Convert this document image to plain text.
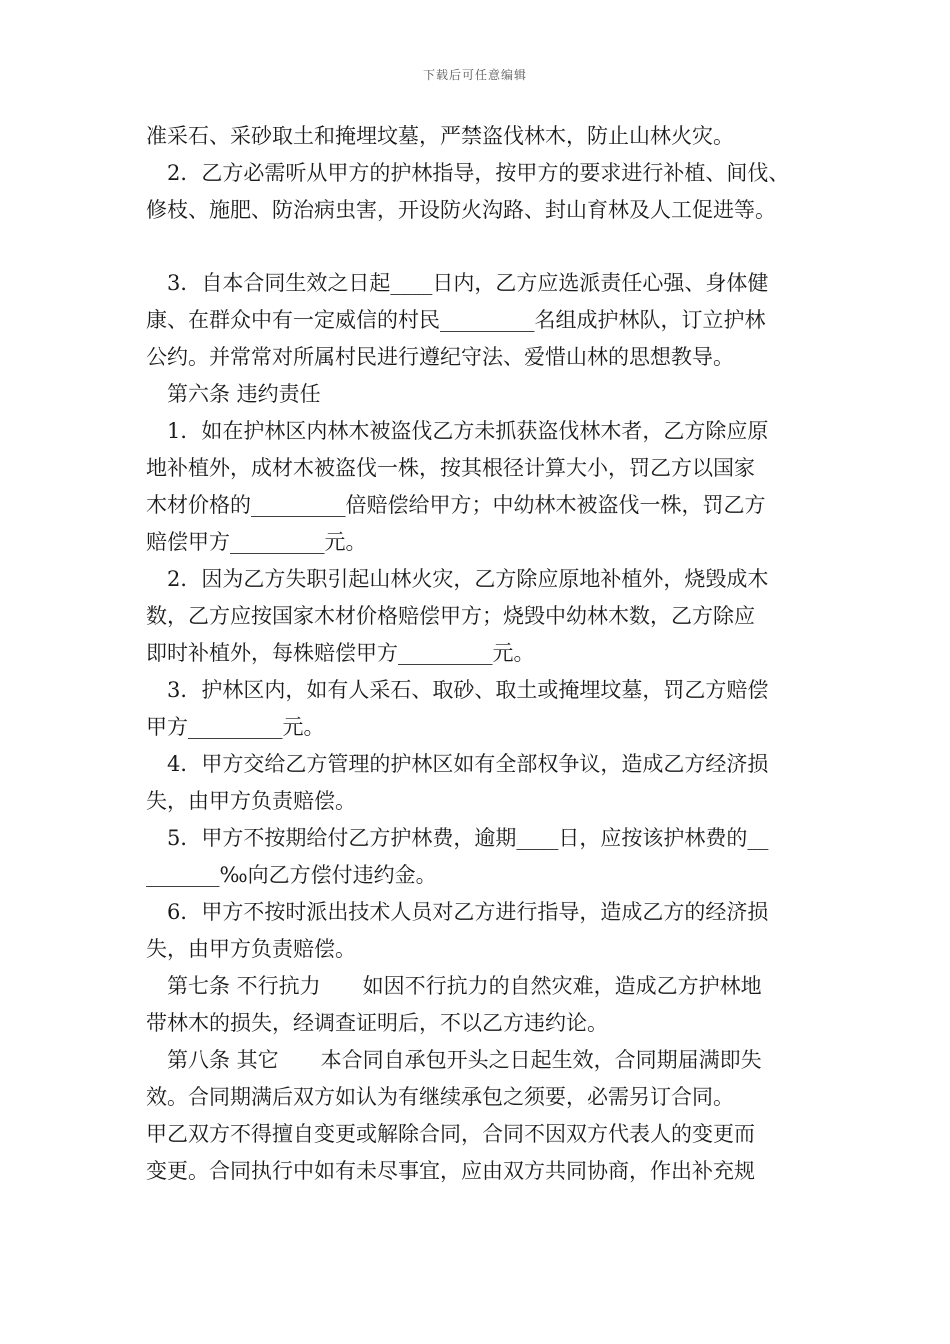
下载后可任意编辑
准采石、采砂取土和掩埋坟墓，严禁盗伐林木，防止山林火灾。
2．乙方必需听从甲方的护林指导，按甲方的要求进行补植、间伐、
修枝、施肥、防治病虫害，开设防火沟路、封山育林及人工促进等。
3．自本合同生效之日起____日内，乙方应选派责任心强、身体健
康、在群众中有一定威信的村民_________名组成护林队，订立护林
公约。并常常对所属村民进行遵纪守法、爱惜山林的思想教导。
第六条 违约责任
1．如在护林区内林木被盗伐乙方未抓获盗伐林木者，乙方除应原
地补植外，成材木被盗伐一株，按其根径计算大小，罚乙方以国家
木材价格的_________倍赔偿给甲方；中幼林木被盗伐一株，罚乙方
赔偿甲方_________元。
2．因为乙方失职引起山林火灾，乙方除应原地补植外，烧毁成木
数，乙方应按国家木材价格赔偿甲方；烧毁中幼林木数，乙方除应
即时补植外，每株赔偿甲方_________元。
3．护林区内，如有人采石、取砂、取土或掩埋坟墓，罚乙方赔偿
甲方_________元。
4．甲方交给乙方管理的护林区如有全部权争议，造成乙方经济损
失，由甲方负责赔偿。
5．甲方不按期给付乙方护林费，逾期____日，应按该护林费的__
_______‰向乙方偿付违约金。
6．甲方不按时派出技术人员对乙方进行指导，造成乙方的经济损
失，由甲方负责赔偿。
第七条 不行抗力　　如因不行抗力的自然灾难，造成乙方护林地
带林木的损失，经调查证明后，不以乙方违约论。
第八条 其它　　本合同自承包开头之日起生效，合同期届满即失
效。合同期满后双方如认为有继续承包之须要，必需另订合同。
甲乙双方不得擅自变更或解除合同，合同不因双方代表人的变更而
变更。合同执行中如有未尽事宜，应由双方共同协商，作出补充规
